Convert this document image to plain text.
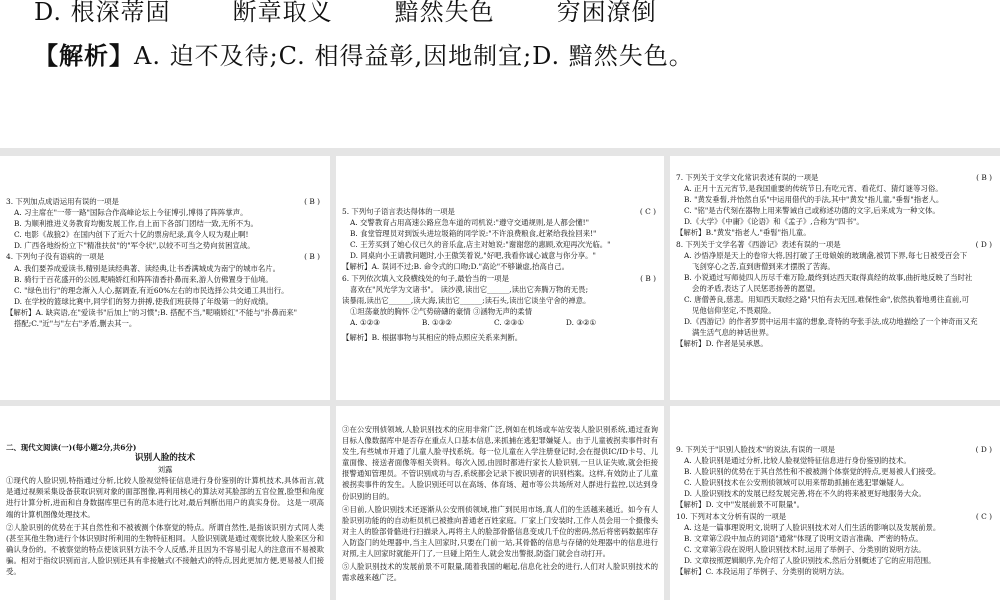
D. 根深蒂固	断章取义	黯然失色	穷困潦倒
【解析】A. 迫不及待;C. 相得益彰,因地制宜;D. 黯然失色。
3. 下列加点成语运用有误的一项是	( B )
A. 习主席在"一带一路"国际合作高峰论坛上今征博引,博得了阵阵掌声。
B. 为顺利推进义务教育均衡发展工作,自上而下各部门团结一致,无所不为。
C. 电影《战狼2》在国内创下了近六十亿的票房纪录,真令人叹为观止啊!
D. 广西各地纷纷立下"精准扶贫"的"军令状",以较不可当之势向贫困宣战。
4. 下列句子没有语病的一项是	( B )
A. 我们要养成爱读书,精别是读经典著、读经典,让书香满城成为南宁的城市名片。
B. 骑行于百花盛开的公园,呢喃娇红和阵阵清香扑鼻而来,游人仿佛置身于仙境。
C. "绿色出行"的理念渐入人心,据调查,有近60%左右的市民选择公共交通工具出行。
D. 在学校的篮球比赛中,同学们的努力拼搏,使我们班获得了年级第一的好成绩。
【解析】A. 缺宾语,在"爱读书"后加上"的习惯";B. 搭配不当,"呢喃娇红"不能与"扑鼻而来"
搭配;C."近"与"左右"矛盾,删去其一。
5. 下列句子语言表达得体的一项是	( C )
A. 交警教育占用高速公路应急车道的司机说:"遵守交通规则,是人都会懂!"
B. 食堂管理员对到饭头进垃圾箱的同学说:"不许浪费粮食,赶紧给我捡回来!"
C. 王芳买到了她心仪已久的音乐盒,店主对她说:"谢谢您的惠顾,欢迎再次光临。"
D. 同桌向小王请教问题时,小王傲笑着说,"好吧,我看你诚心诚意与你分享。"
【解析】A. 误词不过;B. 命令式的口吻;D."高论"不够谦虚,抬高自己。
6. 下列依次填入文段横线处的句子,最恰当的一项是	( B )
喜欢在"风光学为文诸书"。 读沙漠,读出它______,读出它奔腾万物的无畏;
读暴雨,读出它______,读大海,读出它______;读石头,读出它谈坐守舍的禅意。
①坦荡豪放的胸怀 ②气势磅礴的豪情 ③涵物无声的柔情
A. ①②③	B. ①③②	C. ②③①	D. ③②①
【解析】B. 根据事物与其相应的特点照应关系来判断。
7. 下列关于文学文化常识表述有误的一项是	( B )
A. 正月十五元宵节,是我国重要的传统节日,有吃元宵、看花灯、猜灯谜等习俗。
B. "黄发垂髫,并怡然自乐"中运用借代的手法,其中"黄发"指儿童,"垂髫"指老人。
C. "铭"是古代刻在器物上用来警诫自己或称述功德的文字,后来成为一种文体。
D.《大学》《中庸》《论语》和《孟子》,合称为"四书"。
【解析】B."黄发"指老人,"垂髫"指儿童。
8. 下列关于文学名著《西游记》表述有误的一项是	( D )
A. 沙悟净原是天上的卷帘大将,因打破了王母娘娘的玻璃盏,被罚下界,每七日被受百会下
飞剑穿心之苦,直到唐僧到来才摆脱了苦海。
B. 小说通过写师徒四人历尽千难万险,最终到达西天取得真经的故事,曲折地反映了当时社
会的矛盾,表达了人民惩恶扬善的愿望。
C. 唐僧善良,慈悲。用知西天取经之路"只怕有去无回,难保性命",依然执着地勇往直前,可
见他信仰坚定,不畏艰险。
D.《西游记》的作者罗贯中运用丰富的想象,奇特的夸张手法,成功地描绘了一个神奇而又充
满生活气息的神话世界。
【解析】D. 作者是吴承恩。
二、现代文阅读(一)(每小题2分,共6分)
识别人脸的技术
刘露
①现代的人脸识别,特指通过分析,比较人脸视觉特征信息进行身份鉴别的计算机技术,具体而言,就是通过视频采集设备获取识别对象的面部图像,再利用核心的算法对其脸部的五官位置,脸型和角度进行计算分析,进而和自身数据库里已有的范本进行比对,最后判断出用户的真实身份。 这是一项高端的计算机图像处理技术。
②人脸识别的优势在于其自然性和不被被测个体察觉的特点。所谓自然性,是指该识别方式同人类(甚至其他生物)进行个体识别时所利用的生物特征相同。人脸识别就是通过观察比较人脸来区分和确认身份的。不被察觉的特点使该识别方法不令人反感,并且因为不容易引起人的注意而不易被欺骗。相对于指纹识别而言,人脸识别还具有非接触式(不接触式)的特点,因此更加方便,更易被人们接受。
③在公安刑侦领域,人脸识别技术的应用非常广泛,例如在机场或车站安装人脸识别系统,通过查询目标人像数据库中是否存在重点人口基本信息,来抓捕在逃犯罪嫌疑人。由于儿童被拐卖事件时有发生,有些城市开通了儿童人脸寻找系统。每一位儿童在入学注册登记时,会在提供IC/ID卡号、儿童面像、接送者面像等相关资料。每次入园,由园时都进行家长人脸识别,一旦认证失败,就会拒接报警通知管理员。不管识别成功与否,系统都会记录下被识别者的识别档案。这样,有效防止了儿童被拐卖事件的发生。人脸识别还可以在高场、体育场、超市等公共场所对人群进行监控,以达到身份识别的目的。
④目前,人脸识别技术还逐渐从公安刑侦领域,推广到民用市场,真人们的生活越来越近。如今有人脸识别功能的的自动柜员机已被推向普通老百姓家庭。厂家上门安装时,工作人员会用一个摄像头对主人的脸部骨骼进行扫描录入,再将主人的脸部骨骼信息变成几千位的密码,然后将密码数据库存入防盗门的处理器中,当主人回家时,只要在门前一站,其骨骼的信息与存储的处理器中的信息进行对照,主人回家时就能开门了,一旦碰上陌生人,就会发出警报,防盗门就会自动打开。
⑤人脸识别技术的发展前景不可限量,随着我国的崛起,信息化社会的进行,人们对人脸识别技术的需求越来越广泛。
9. 下列关于"识别人脸技术"的说法,有误的一项是	( D )
A. 人脸识别是通过分析,比较人脸视觉特征信息进行身份鉴别的技术。
B. 人脸识别的优势在于其自然性和不被被测个体察觉的特点,更易被人们接受。
C. 人脸识别技术在公安刑侦领域可以用来帮助抓捕在逃犯罪嫌疑人。
D. 人脸识别技术的发展已经发展完善,将在不久的将来被更好地服务大众。
【解析】D. 文中"发展前景不可限量"。
10. 下列对本文分析有误的一项是	( C )
A. 这是一篇事理说明文,说明了人脸识别技术对人们生活的影响以及发展前景。
B. 文章第②段中加点的词语"通常"体现了说明文语言准确、严密的特点。
C. 文章第③段在说明人脸识别技术时,运用了举例子、分类别的说明方法。
D. 文章按照逻辑顺序,先介绍了人脸识别技术,然后分别概述了它的应用范围。
【解析】C. 本段运用了举例子、分类别的说明方法。
